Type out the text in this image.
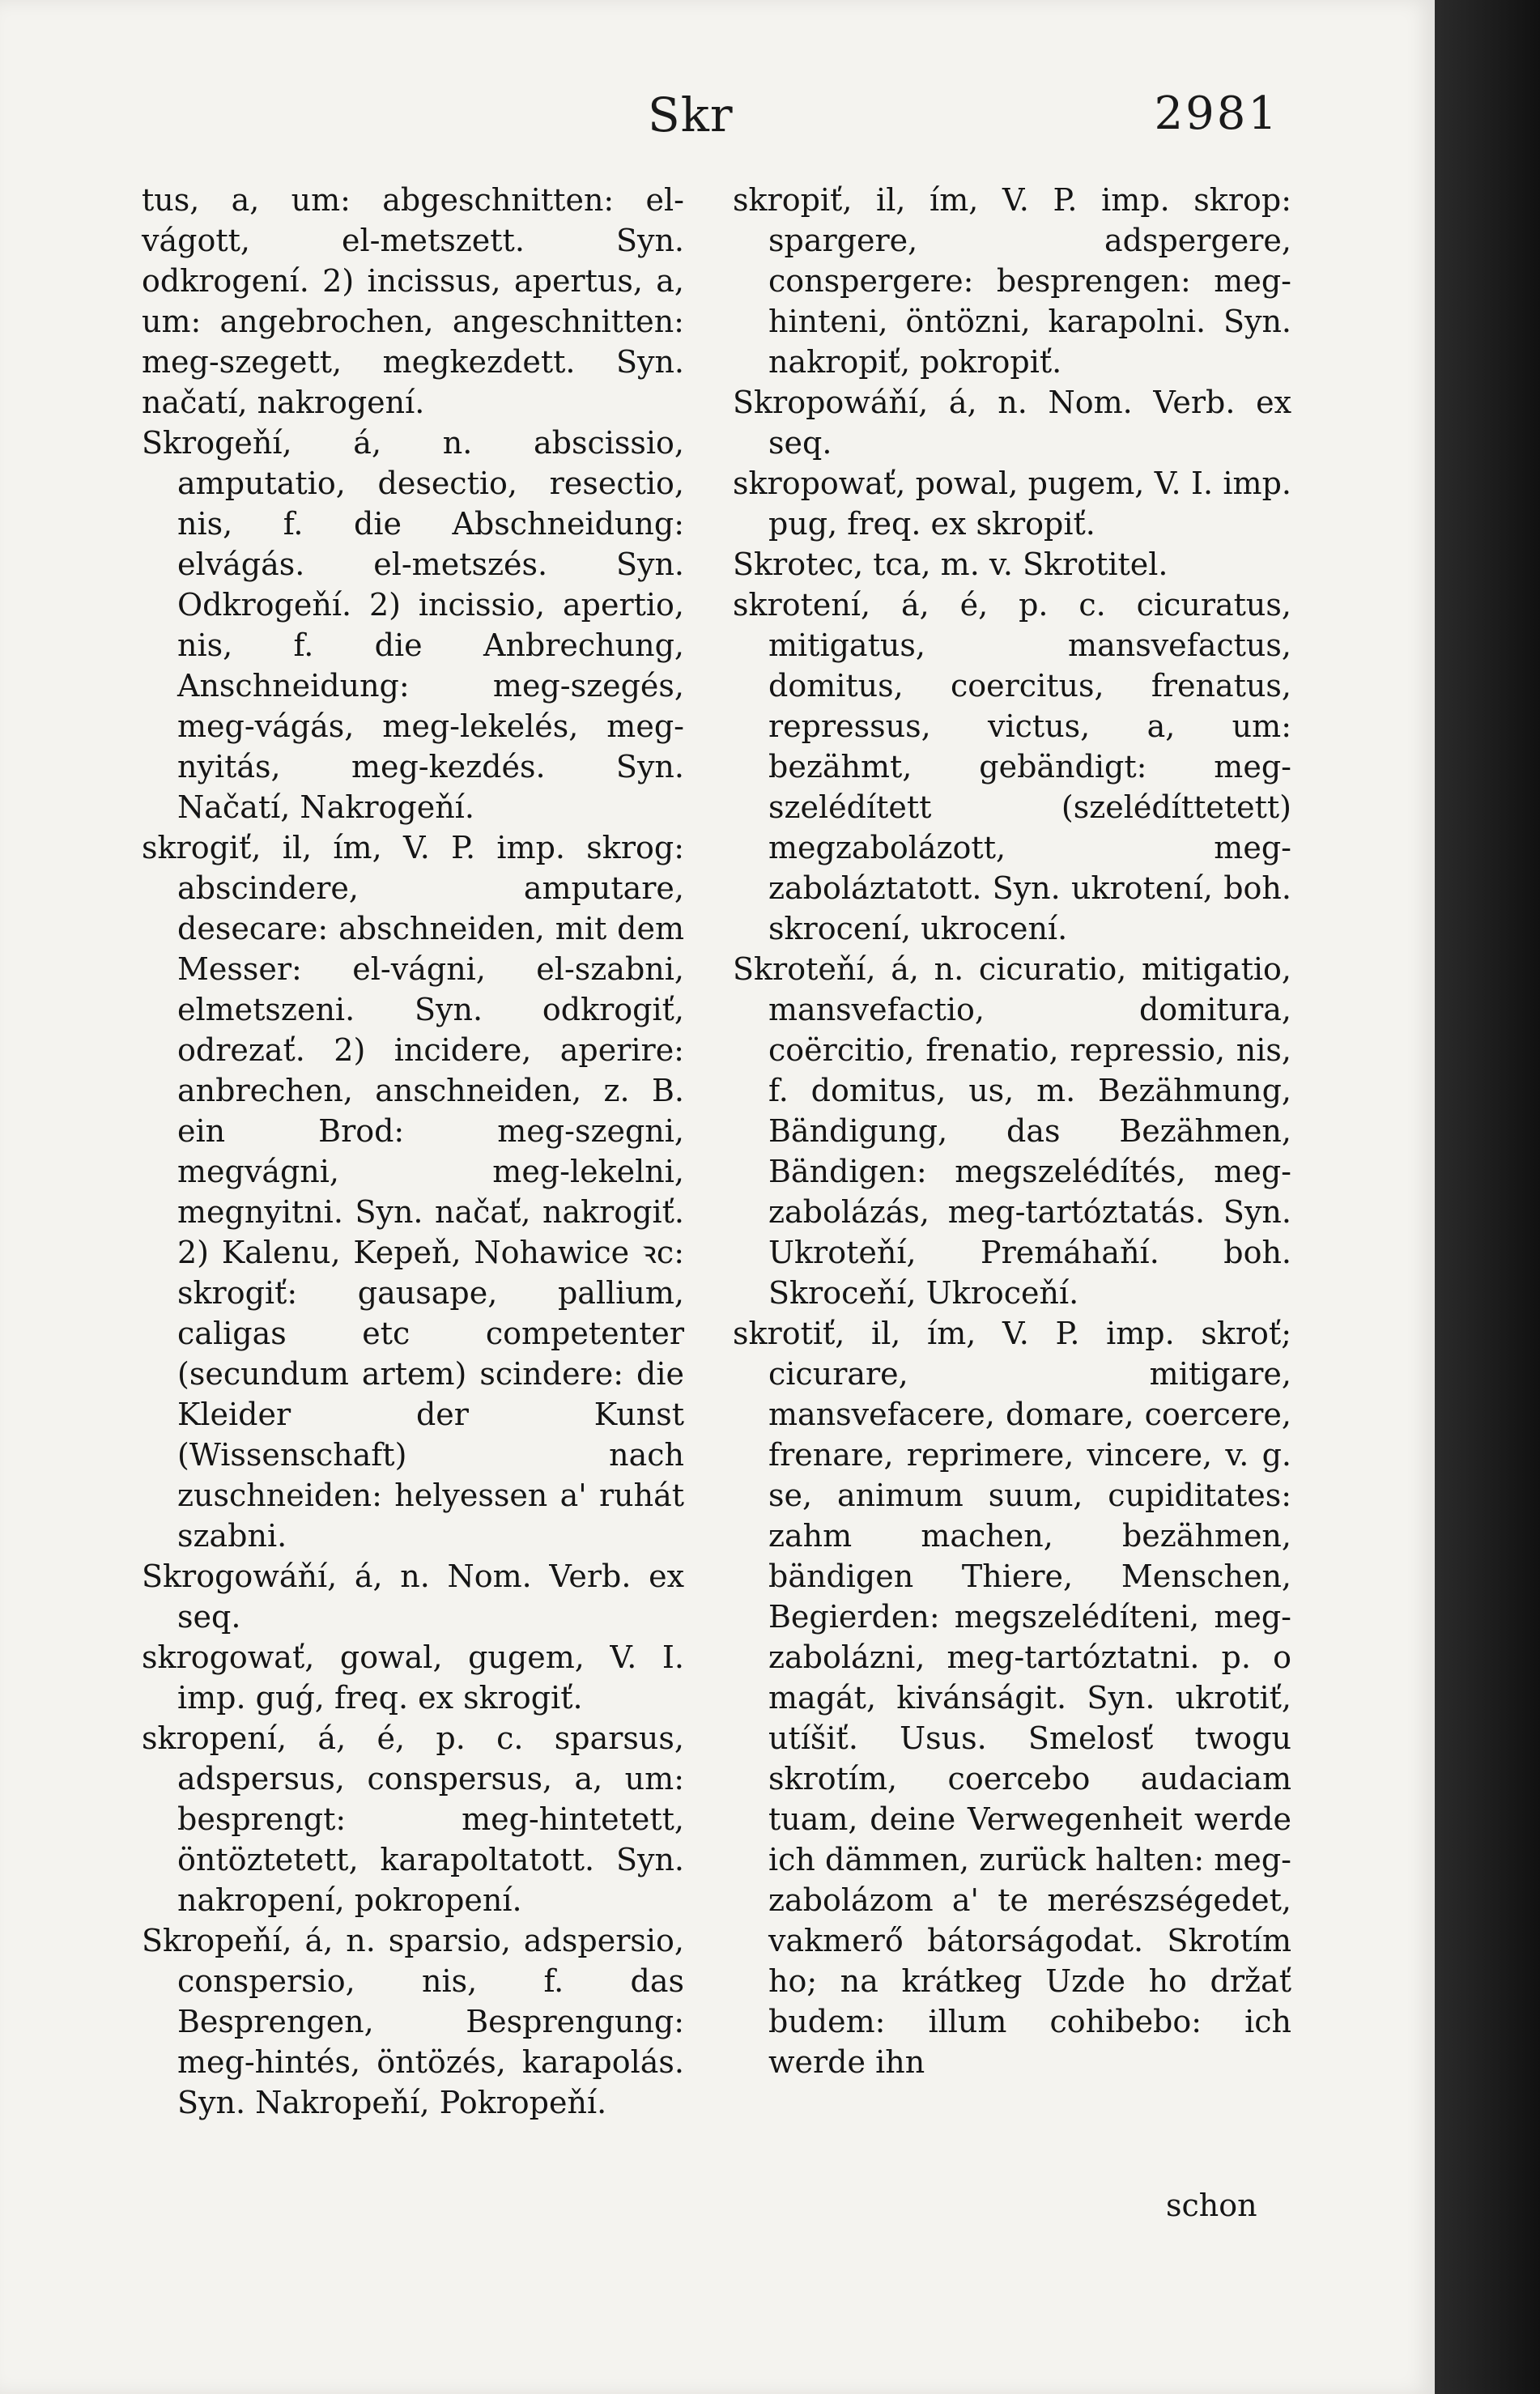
Skr	2981

tus, a, um: abgeschnitten: el-vágott, el-metszett. Syn. odkrogení. 2) incissus, apertus, a, um: angebrochen, angeschnitten: meg-szegett, megkezdett. Syn. načatí, nakrogení.

Skrogeňí, á, n. abscissio, amputatio, desectio, resectio, nis, f. die Abschneidung: elvágás. el-metszés. Syn. Odkrogeňí. 2) incissio, apertio, nis, f. die Anbrechung, Anschneidung: meg-szegés, meg-vágás, meg-lekelés, meg-nyitás, meg-kezdés. Syn. Načatí, Nakrogeňí.

skrogiť, il, ím, V. P. imp. skrog: abscindere, amputare, desecare: abschneiden, mit dem Messer: el-vágni, el-szabni, elmetszeni. Syn. odkrogiť, odrezať. 2) incidere, aperire: anbrechen, anschneiden, z. B. ein Brod: meg-szegni, megvágni, meg-lekelni, megnyitni. Syn. načať, nakrogiť. 2) Kalenu, Kepeň, Nohawice ꝛc: skrogiť: gausape, pallium, caligas etc competenter (secundum artem) scindere: die Kleider der Kunst (Wissenschaft) nach zuschneiden: helyessen a' ruhát szabni.

Skrogowáňí, á, n. Nom. Verb. ex seq.

skrogowať, gowal, gugem, V. I. imp. guǵ, freq. ex skrogiť.

skropení, á, é, p. c. sparsus, adspersus, conspersus, a, um: besprengt: meg-hintetett, öntöztetett, karapoltatott. Syn. nakropení, pokropení.

Skropeňí, á, n. sparsio, adspersio, conspersio, nis, f. das Besprengen, Besprengung: meg-hintés, öntözés, karapolás. Syn. Nakropeňí, Pokropeňí.

skropiť, il, ím, V. P. imp. skrop: spargere, adspergere, conspergere: besprengen: meg-hinteni, öntözni, karapolni. Syn. nakropiť, pokropiť.

Skropowáňí, á, n. Nom. Verb. ex seq.

skropowať, powal, pugem, V. I. imp. pug, freq. ex skropiť.

Skrotec, tca, m. v. Skrotitel.

skrotení, á, é, p. c. cicuratus, mitigatus, mansvefactus, domitus, coercitus, frenatus, repressus, victus, a, um: bezähmt, gebändigt: meg-szelédített (szelédíttetett) megzabolázott, meg-zaboláztatott. Syn. ukrotení, boh. skrocení, ukrocení.

Skroteňí, á, n. cicuratio, mitigatio, mansvefactio, domitura, coërcitio, frenatio, repressio, nis, f. domitus, us, m. Bezähmung, Bändigung, das Bezähmen, Bändigen: megszelédítés, meg-zabolázás, meg-tartóztatás. Syn. Ukroteňí, Premáhaňí. boh. Skroceňí, Ukroceňí.

skrotiť, il, ím, V. P. imp. skroť; cicurare, mitigare, mansvefacere, domare, coercere, frenare, reprimere, vincere, v. g. se, animum suum, cupiditates: zahm machen, bezähmen, bändigen Thiere, Menschen, Begierden: megszelédíteni, meg-zabolázni, meg-tartóztatni. p. o magát, kivánságit. Syn. ukrotiť, utíšiť. Usus. Smelosť twogu skrotím, coercebo audaciam tuam, deine Verwegenheit werde ich dämmen, zurück halten: meg-zabolázom a' te merészségedet, vakmerő bátorságodat. Skrotím ho; na krátkeg Uzde ho držať budem: illum cohibebo: ich werde ihn

schon
